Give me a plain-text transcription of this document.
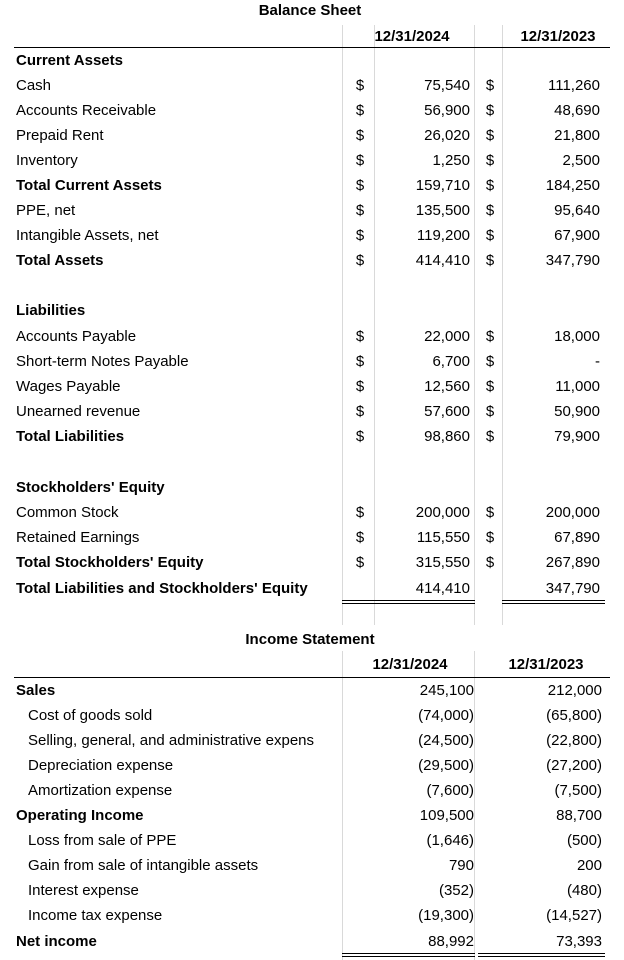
Balance Sheet
12/31/2024	12/31/2023
Current Assets
Cash	$	75,540	$	111,260
Accounts Receivable	$	56,900	$	48,690
Prepaid Rent	$	26,020	$	21,800
Inventory	$	1,250	$	2,500
Total Current Assets	$	159,710	$	184,250
PPE, net	$	135,500	$	95,640
Intangible Assets, net	$	119,200	$	67,900
Total Assets	$	414,410	$	347,790
Liabilities
Accounts Payable	$	22,000	$	18,000
Short-term Notes Payable	$	6,700	$	-
Wages Payable	$	12,560	$	11,000
Unearned revenue	$	57,600	$	50,900
Total Liabilities	$	98,860	$	79,900
Stockholders' Equity
Common Stock	$	200,000	$	200,000
Retained Earnings	$	115,550	$	67,890
Total Stockholders' Equity	$	315,550	$	267,890
Total Liabilities and Stockholders' Equity	414,410	347,790
Income Statement
12/31/2024	12/31/2023
Sales	245,100	212,000
Cost of goods sold	(74,000)	(65,800)
Selling, general, and administrative expens	(24,500)	(22,800)
Depreciation expense	(29,500)	(27,200)
Amortization expense	(7,600)	(7,500)
Operating Income	109,500	88,700
Loss from sale of PPE	(1,646)	(500)
Gain from sale of intangible assets	790	200
Interest expense	(352)	(480)
Income tax expense	(19,300)	(14,527)
Net income	88,992	73,393
